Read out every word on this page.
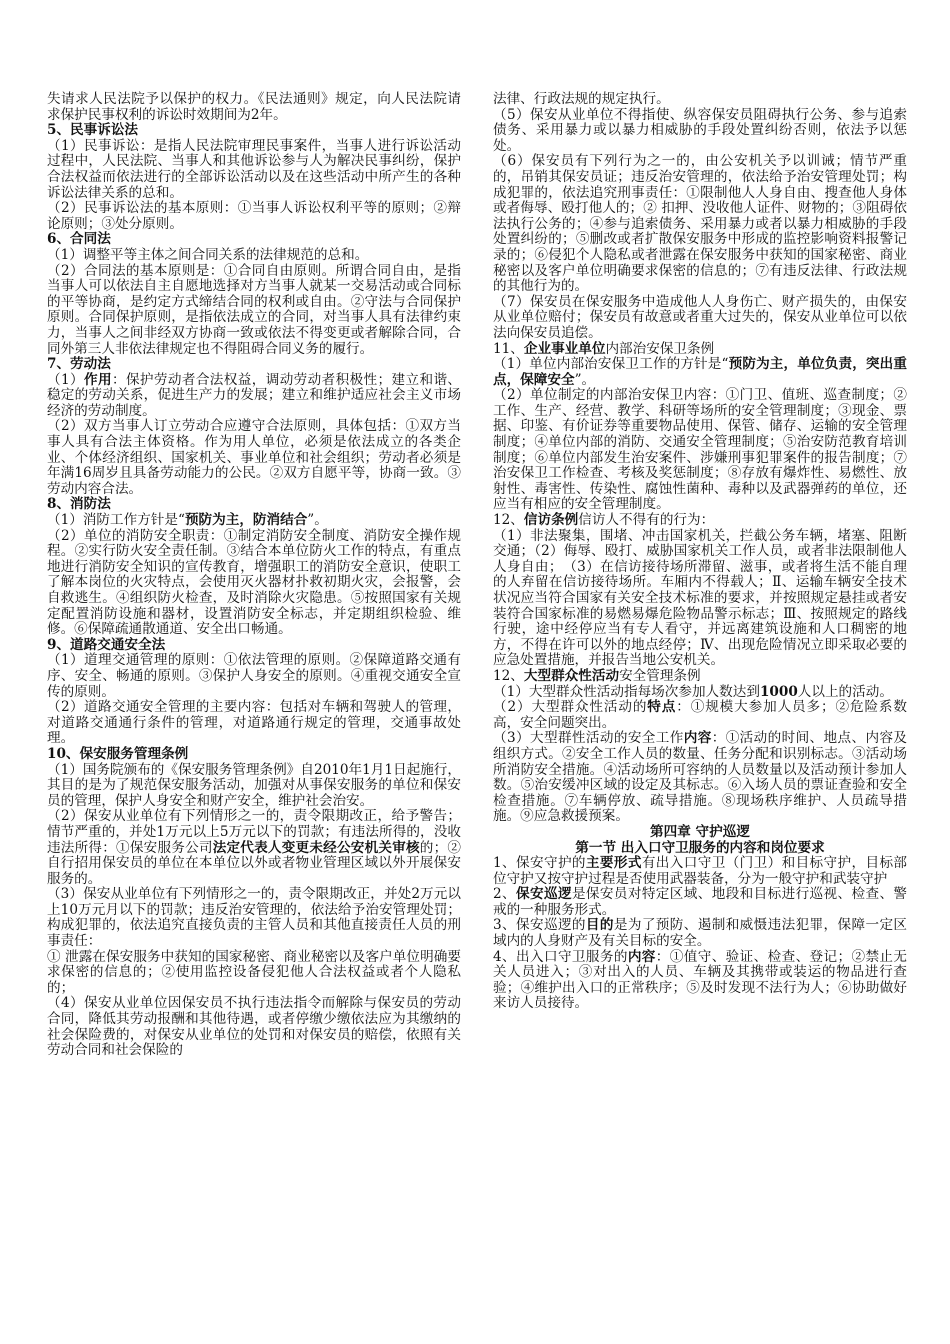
失请求人民法院予以保护的权力。《民法通则》规定，向人民法院请求保护民事权利的诉讼时效期间为2年。
5、民事诉讼法
（1）民事诉讼：是指人民法院审理民事案件，当事人进行诉讼活动过程中，人民法院、当事人和其他诉讼参与人为解决民事纠纷，保护合法权益而依法进行的全部诉讼活动以及在这些活动中所产生的各种诉讼法律关系的总和。
（2）民事诉讼法的基本原则：①当事人诉讼权利平等的原则；②辩论原则；③处分原则。
6、合同法
（1）调整平等主体之间合同关系的法律规范的总和。
（2）合同法的基本原则是：①合同自由原则。所谓合同自由，是指当事人可以依法自主自愿地选择对方当事人就某一交易活动或合同标的平等协商，是约定方式缔结合同的权利或自由。②守法与合同保护原则。合同保护原则，是指依法成立的合同，对当事人具有法律约束力，当事人之间非经双方协商一致或依法不得变更或者解除合同，合同外第三人非依法律规定也不得阻碍合同义务的履行。
7、劳动法
（1）作用：保护劳动者合法权益，调动劳动者积极性；建立和谐、稳定的劳动关系，促进生产力的发展；建立和维护适应社会主义市场经济的劳动制度。
（2）双方当事人订立劳动合应遵守合法原则，具体包括：①双方当事人具有合法主体资格。作为用人单位，必须是依法成立的各类企业、个体经济组织、国家机关、事业单位和社会组织；劳动者必须是年满16周岁且具备劳动能力的公民。②双方自愿平等，协商一致。③劳动内容合法。
8、消防法
（1）消防工作方针是“预防为主，防消结合”。
（2）单位的消防安全职责：①制定消防安全制度、消防安全操作规程。②实行防火安全责任制。③结合本单位防火工作的特点，有重点地进行消防安全知识的宣传教育，增强职工的消防安全意识，使职工了解本岗位的火灾特点，会使用灭火器材扑救初期火灾，会报警，会自救逃生。④组织防火检查，及时消除火灾隐患。⑤按照国家有关规定配置消防设施和器材，设置消防安全标志，并定期组织检验、维修。⑥保障疏通散通道、安全出口畅通。
9、道路交通安全法
（1）道理交通管理的原则：①依法管理的原则。②保障道路交通有序、安全、畅通的原则。③保护人身安全的原则。④重视交通安全宣传的原则。
（2）道路交通安全管理的主要内容：包括对车辆和驾驶人的管理，对道路交通通行条件的管理，对道路通行规定的管理，交通事故处理。
10、保安服务管理条例
（1）国务院颁布的《保安服务管理条例》自2010年1月1日起施行，其目的是为了规范保安服务活动，加强对从事保安服务的单位和保安员的管理，保护人身安全和财产安全，维护社会治安。
（2）保安从业单位有下列情形之一的，责令限期改正，给予警告；情节严重的，并处1万元以上5万元以下的罚款；有违法所得的，没收违法所得：①保安服务公司法定代表人变更未经公安机关审核的；②自行招用保安员的单位在本单位以外或者物业管理区域以外开展保安服务的。
（3）保安从业单位有下列情形之一的，责令限期改正，并处2万元以上10万元月以下的罚款；违反治安管理的，依法给予治安管理处罚；构成犯罪的，依法追究直接负责的主管人员和其他直接责任人员的刑事责任：
① 泄露在保安服务中获知的国家秘密、商业秘密以及客户单位明确要求保密的信息的；②使用监控设备侵犯他人合法权益或者个人隐私的；
（4）保安从业单位因保安员不执行违法指令而解除与保安员的劳动合同，降低其劳动报酬和其他待遇，或者停缴少缴依法应为其缴纳的社会保险费的，对保安从业单位的处罚和对保安员的赔偿，依照有关劳动合同和社会保险的
法律、行政法规的规定执行。
（5）保安从业单位不得指使、纵容保安员阻碍执行公务、参与追索债务、采用暴力或以暴力相威胁的手段处置纠纷否则，依法予以惩处。
（6）保安员有下列行为之一的，由公安机关予以训诫；情节严重的，吊销其保安员证；违反治安管理的，依法给予治安管理处罚；构成犯罪的，依法追究刑事责任：①限制他人人身自由、搜查他人身体或者侮辱、殴打他人的；② 扣押、没收他人证件、财物的；③阻碍依法执行公务的；④参与追索债务、采用暴力或者以暴力相威胁的手段处置纠纷的；⑤删改或者扩散保安服务中形成的监控影响资料报警记录的；⑥侵犯个人隐私或者泄露在保安服务中获知的国家秘密、商业秘密以及客户单位明确要求保密的信息的；⑦有违反法律、行政法规的其他行为的。
（7）保安员在保安服务中造成他人人身伤亡、财产损失的，由保安从业单位赔付；保安员有故意或者重大过失的，保安从业单位可以依法向保安员追偿。
11、企业事业单位内部治安保卫条例
（1）单位内部治安保卫工作的方针是“预防为主，单位负责，突出重点，保障安全”。
（2）单位制定的内部治安保卫内容：①门卫、值班、巡查制度；②工作、生产、经营、教学、科研等场所的安全管理制度；③现金、票据、印鉴、有价证券等重要物品使用、保管、储存、运输的安全管理制度；④单位内部的消防、交通安全管理制度；⑤治安防范教育培训制度；⑥单位内部发生治安案件、涉嫌刑事犯罪案件的报告制度；⑦治安保卫工作检查、考核及奖惩制度；⑧存放有爆炸性、易燃性、放射性、毒害性、传染性、腐蚀性菌种、毒种以及武器弹药的单位，还应当有相应的安全管理制度。
12、信访条例信访人不得有的行为：
（1）非法聚集，围堵、冲击国家机关，拦截公务车辆，堵塞、阻断交通；（2）侮辱、殴打、威胁国家机关工作人员，或者非法限制他人人身自由；　（3）在信访接待场所滞留、滋事，或者将生活不能自理的人弃留在信访接待场所。车厢内不得载人；Ⅱ、运输车辆安全技术状况应当符合国家有关安全技术标准的要求，并按照规定悬挂或者安装符合国家标准的易燃易爆危险物品警示标志；Ⅲ、按照规定的路线行驶，途中经停应当有专人看守，并远离建筑设施和人口稠密的地方，不得在许可以外的地点经停；Ⅳ、出现危险情况立即采取必要的应急处置措施，并报告当地公安机关。
12、大型群众性活动安全管理条例
（1）大型群众性活动指每场次参加人数达到1000人以上的活动。
（2）大型群众性活动的特点：①规模大参加人员多；②危险系数高，安全问题突出。
（3）大型群性活动的安全工作内容：①活动的时间、地点、内容及组织方式。②安全工作人员的数量、任务分配和识别标志。③活动场所消防安全措施。④活动场所可容纳的人员数量以及活动预计参加人数。⑤治安缓冲区域的设定及其标志。⑥入场人员的票证查验和安全检查措施。⑦车辆停放、疏导措施。⑧现场秩序维护、人员疏导措施。⑨应急救援预案。
第四章 守护巡逻
第一节 出入口守卫服务的内容和岗位要求
1、保安守护的主要形式有出入口守卫（门卫）和目标守护，目标部位守护又按守护过程是否使用武器装备，分为一般守护和武装守护
2、保安巡逻是保安员对特定区域、地段和目标进行巡视、检查、警戒的一种服务形式。
3、保安巡逻的目的是为了预防、遏制和威慑违法犯罪，保障一定区域内的人身财产及有关目标的安全。
4、出入口守卫服务的内容：①值守、验证、检查、登记；②禁止无关人员进入；③对出入的人员、车辆及其携带或装运的物品进行查验；④维护出入口的正常秩序；⑤及时发现不法行为人；⑥协助做好来访人员接待。
